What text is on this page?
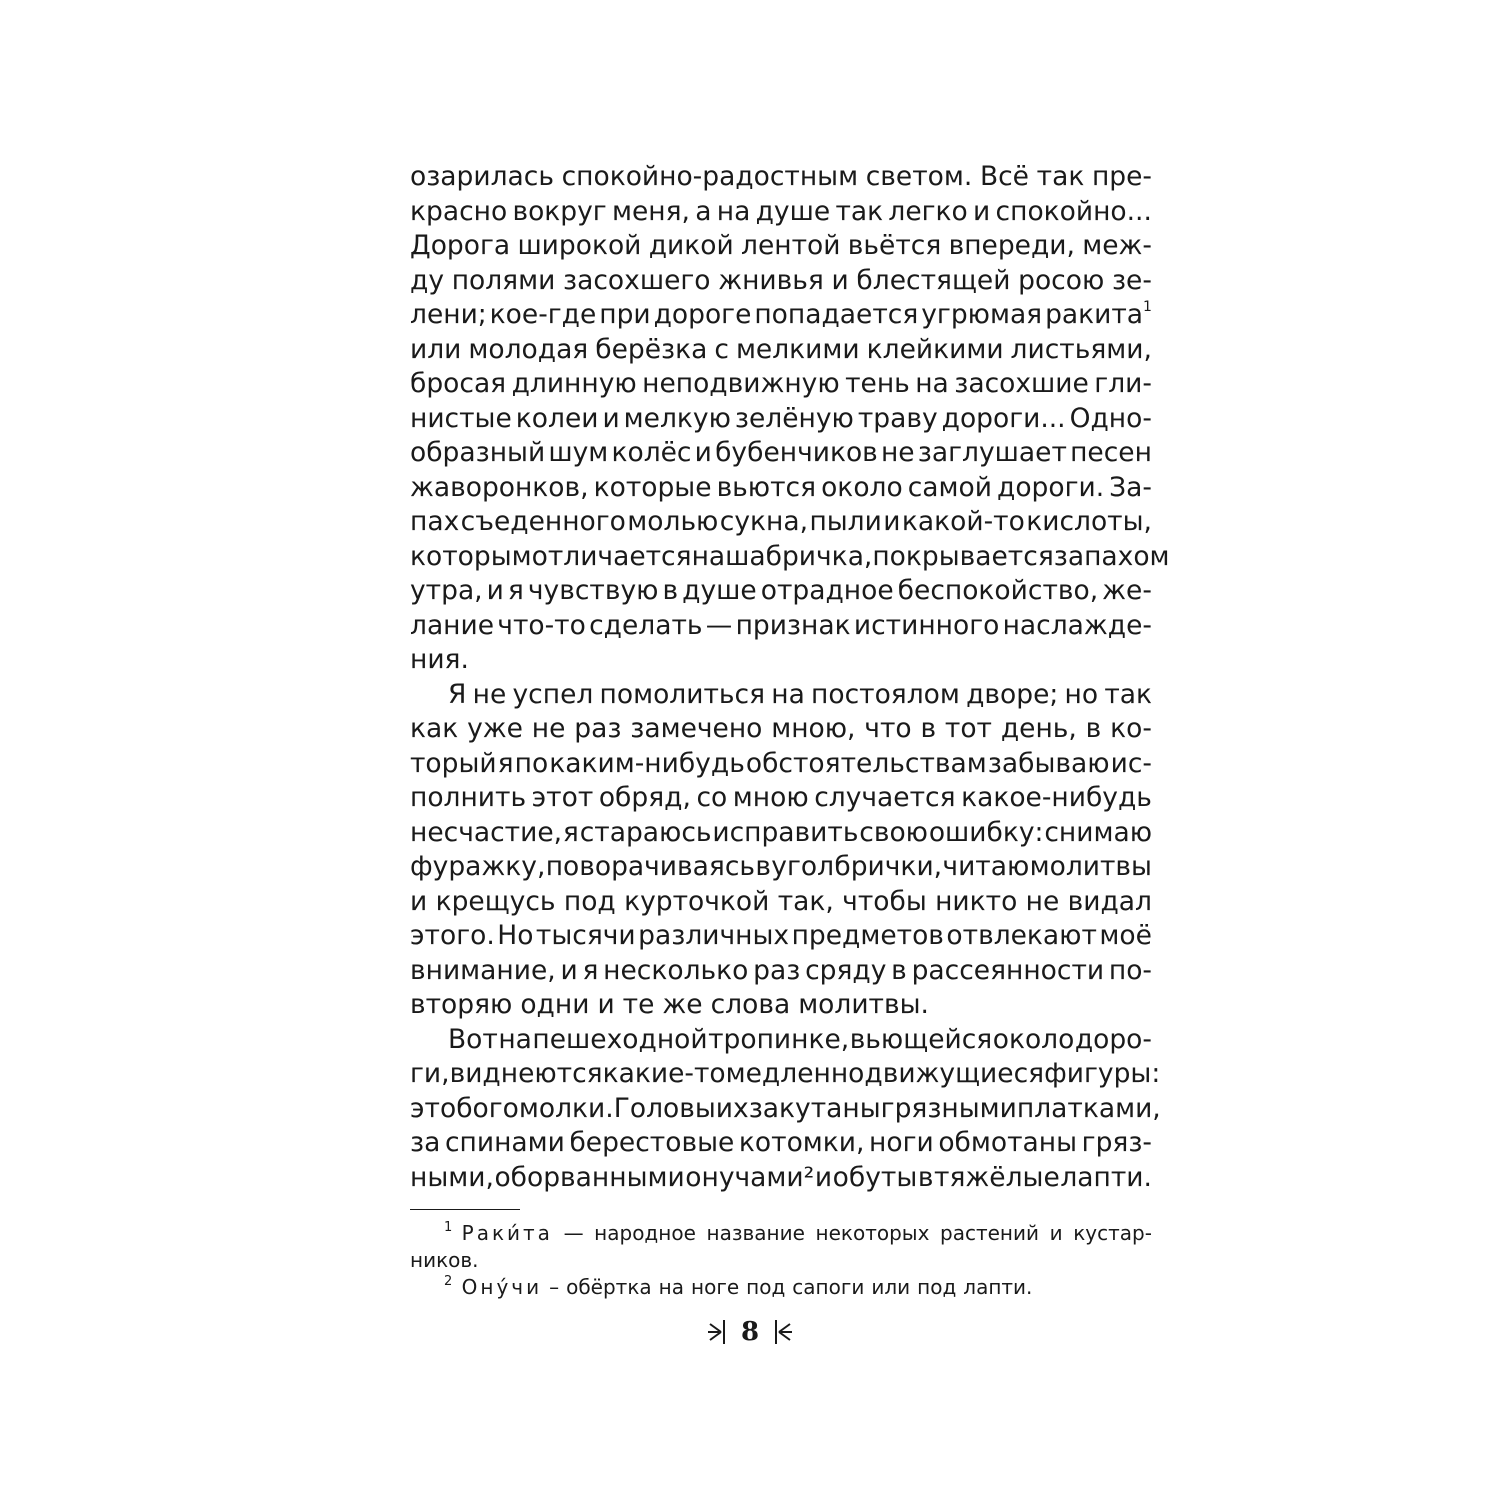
озарилась спокойно-радостным светом. Всё так пре-
красно вокруг меня, а на душе так легко и спокойно...
Дорога широкой дикой лентой вьётся впереди, меж-
ду полями засохшего жнивья и блестящей росою зе-
лени; кое-где при дороге попадается угрюмая ракита$^1$
или молодая берёзка с мелкими клейкими листьями,
бросая длинную неподвижную тень на засохшие гли-
нистые колеи и мелкую зелёную траву дороги... Одно-
образный шум колёс и бубенчиков не заглушает песен
жаворонков, которые вьются около самой дороги. За-
пах съеденного молью сукна, пыли и какой-то кислоты,
которым отличается наша бричка, покрывается запахом
утра, и я чувствую в душе отрадное беспокойство, же-
лание что-то сделать — признак истинного наслажде-
ния.
Я не успел помолиться на постоялом дворе; но так
как уже не раз замечено мною, что в тот день, в ко-
торый я по каким-нибудь обстоятельствам забываю ис-
полнить этот обряд, со мною случается какое-нибудь
несчастие, я стараюсь исправить свою ошибку: снимаю
фуражку, поворачиваясь в угол брички, читаю молитвы
и крещусь под курточкой так, чтобы никто не видал
этого. Но тысячи различных предметов отвлекают моё
внимание, и я несколько раз сряду в рассеянности по-
вторяю одни и те же слова молитвы.
Вот на пешеходной тропинке, вьющейся около доро-
ги, виднеются какие-то медленно движущиеся фигуры:
это богомолки. Головы их закутаны грязными платками,
за спинами берестовые котомки, ноги обмотаны гряз-
ными, оборванными онучами² и обуты в тяжёлые лапти.
$^1$ Раки́та — народное название некоторых растений и кустар-
ников.
$^2$ Ону́чи – обёртка на ноге под сапоги или под лапти.
8
